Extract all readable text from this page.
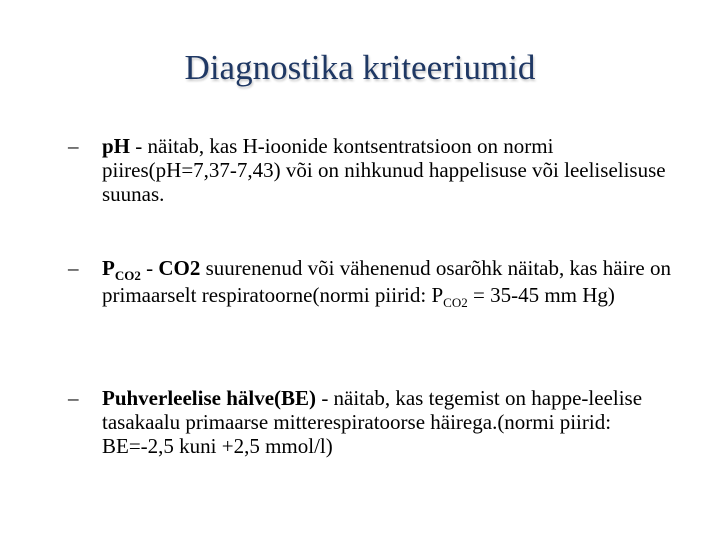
Diagnostika kriteeriumid
–	pH - näitab, kas H-ioonide kontsentratsioon on normi piires(pH=7,37-7,43) või on nihkunud happelisuse või leeliselisuse suunas.
–	$P_{CO2} - CO2$ suurenenud või vähenenud osarõhk näitab, kas häire on primaarselt respiratoorne(normi piirid: $P_{CO2} = 35-45$ mm Hg)
–	Puhverleelise hälve(BE) - näitab, kas tegemist on happe-leelise tasakaalu primaarse mitterespiratoorse häirega.(normi piirid: BE=-2,5 kuni +2,5 mmol/l)
